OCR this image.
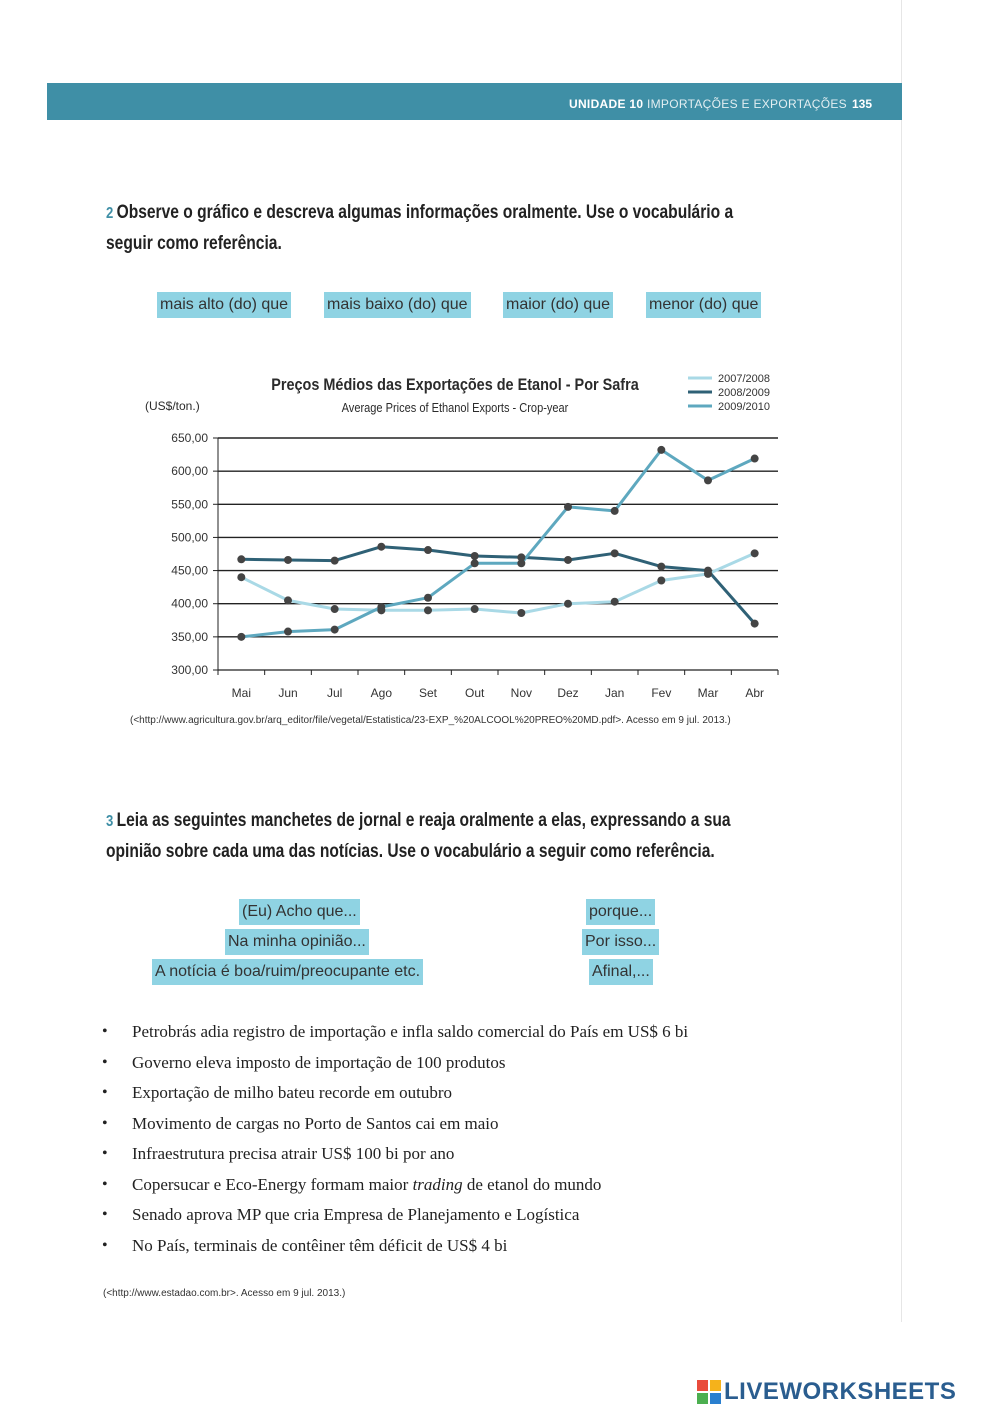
UNIDADE 10 IMPORTAÇÕES E EXPORTAÇÕES 135
2 Observe o gráfico e descreva algumas informações oralmente. Use o vocabulário a
seguir como referência.
mais alto (do) que mais baixo (do) que maior (do) que menor (do) que
Preços Médios das Exportações de Etanol - Por Safra
Average Prices of Ethanol Exports - Crop-year
(US$/ton.)
650,00
600,00
550,00
500,00
450,00
400,00
350,00
300,00
Mai Jun Jul Ago Set Out Nov Dez Jan Fev Mar Abr
2007/2008
2008/2009
2009/2010
(<http://www.agricultura.gov.br/arq_editor/file/vegetal/Estatistica/23-EXP_%20ALCOOL%20PREO%20MD.pdf>. Acesso em 9 jul. 2013.)
3 Leia as seguintes manchetes de jornal e reaja oralmente a elas, expressando a sua
opinião sobre cada uma das notícias. Use o vocabulário a seguir como referência.
(Eu) Acho que...
Na minha opinião...
A notícia é boa/ruim/preocupante etc.
porque...
Por isso...
Afinal,...
• Petrobrás adia registro de importação e infla saldo comercial do País em US$ 6 bi
• Governo eleva imposto de importação de 100 produtos
• Exportação de milho bateu recorde em outubro
• Movimento de cargas no Porto de Santos cai em maio
• Infraestrutura precisa atrair US$ 100 bi por ano
• Copersucar e Eco-Energy formam maior trading de etanol do mundo
• Senado aprova MP que cria Empresa de Planejamento e Logística
• No País, terminais de contêiner têm déficit de US$ 4 bi
(<http://www.estadao.com.br>. Acesso em 9 jul. 2013.)
LIVEWORKSHEETS
